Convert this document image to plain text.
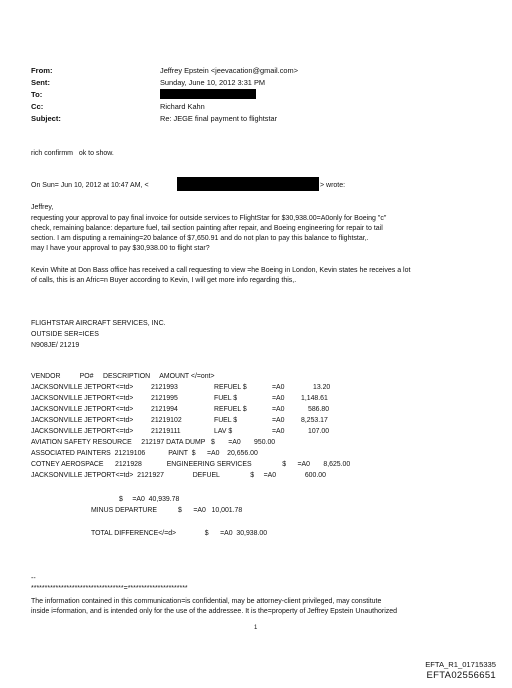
From:	Jeffrey Epstein <jeevacation@gmail.com>
Sent:	Sunday, June 10, 2012 3:31 PM
To:
Cc:	Richard Kahn
Subject:	Re: JEGE final payment to flightstar
rich confirmm   ok to show.
On Sun= Jun 10, 2012 at 10:47 AM, <	> wrote:
Jeffrey,
requesting your approval to pay final invoice for outside services to FlightStar for $30,938.00=A0only for Boeing "c"
check, remaining balance: departure fuel, tail section painting after repair, and Boeing engineering for repair to tail
section. I am disputing a remaining=20 balance of $7,650.91 and do not plan to pay this balance to flightstar,.
may I have your approval to pay $30,938.00 to flight star?
Kevin White at Don Bass office has received a call requesting to view =he Boeing in London, Kevin states he receives a lot
of calls, this is an Afric=n Buyer according to Kevin, I will get more info regarding this,.
FLIGHTSTAR AIRCRAFT SERVICES, INC.
OUTSIDE SER=ICES
N908JE/ 21219
VENDOR          PO#     DESCRIPTION     AMOUNT </=ont>
JACKSONVILLE JETPORT<=td>	2121993	REFUEL $	=A0	13.20
JACKSONVILLE JETPORT<=td>	2121995	FUEL $	=A0 1,148.61
JACKSONVILLE JETPORT<=td>	2121994	REFUEL $	=A0	586.80
JACKSONVILLE JETPORT<=td>	21219102	FUEL $	=A0 8,253.17
JACKSONVILLE JETPORT<=td>	21219111	LAV $	=A0	107.00
AVIATION SAFETY RESOURCE     212197 DATA DUMP   $       =A0       950.00
ASSOCIATED PAINTERS  21219106            PAINT  $      =A0    20,656.00
COTNEY AEROSPACE      2121928             ENGINEERING SERVICES                $      =A0       8,625.00
JACKSONVILLE JETPORT<=td>  2121927               DEFUEL                $     =A0               600.00
$     =A0  40,939.78
MINUS DEPARTURE           $      =A0   10,001.78
TOTAL DIFFERENCE</=d>               $      =A0  30,938.00
--
**********************************=**********************
The information contained in this communication=is confidential, may be attorney-client privileged, may constitute
inside i=formation, and is intended only for the use of the addressee. It is the=property of Jeffrey Epstein Unauthorized
1
EFTA_R1_01715335
EFTA02556651
